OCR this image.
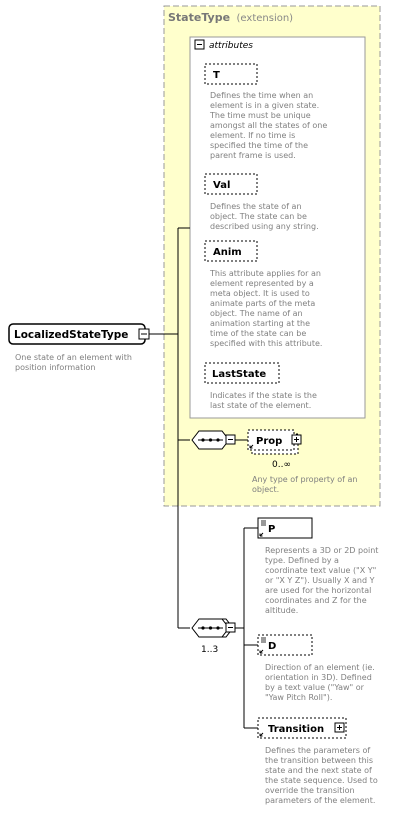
StateType (extension)
attributes
T
Defines the time when an element is in a given state. The time must be unique amongst all the states of one element. If no time is specified the time of the parent frame is used.
Val
Defines the state of an object. The state can be described using any string.
Anim
This attribute applies for an element represented by a meta object. It is used to animate parts of the meta object. The name of an animation starting at the time of the state can be specified with this attribute.
LastState
Indicates if the state is the last state of the element.
LocalizedStateType
One state of an element with position information
Prop
0..∞
Any type of property of an object.
1..3
P
Represents a 3D or 2D point type. Defined by a coordinate text value ("X Y" or "X Y Z"). Usually X and Y are used for the horizontal coordinates and Z for the altitude.
D
Direction of an element (ie. orientation in 3D). Defined by a text value ("Yaw" or "Yaw Pitch Roll").
Transition
Defines the parameters of the transition between this state and the next state of the state sequence. Used to override the transition parameters of the element.
